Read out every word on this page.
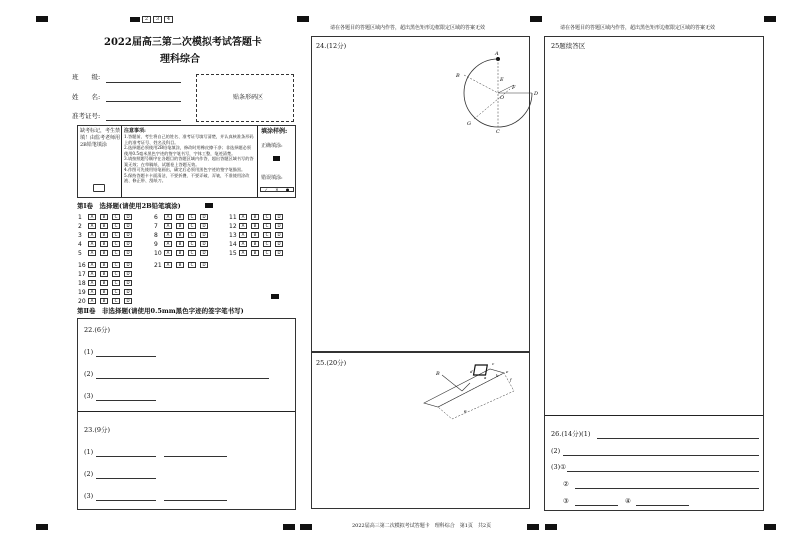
2	3	4
2022届高三第二次模拟考试答题卡
理科综合
班　　级:
姓　　名:
准考证号:
贴条形码区
缺考标记，考生禁填！由监考老师用2B铅笔填涂
注意事项:
1.答题前，考生将自己的姓名、准考证号填写清楚，并认真核准条形码上的准考证号、姓名及科目。
2.选择题必须使用2B铅笔填涂，修改时用橡皮擦干净；非选择题必须使用0.5毫米黑色字迹的签字笔书写，字体工整，笔迹清楚。
3.请按照题号顺序在各题目的答题区域内作答，超出答题区域书写的答案无效；在草稿纸、试题卷上答题无效。
4.作图可先使用铅笔画出，确定后必须用黑色字迹的签字笔描黑。
5.保持答题卡卡面清洁，不要折叠、不要弄破、弄皱，不准使用涂改液、修正带、刮纸刀。
填涂样例:
正确填涂:
错误填涂:
✓ ✕ ●
第Ⅰ卷　选择题(请使用2B铅笔填涂)
1	A	B	C	D
2	A	B	C	D
3	A	B	C	D
4	A	B	C	D
5	A	B	C	D
6	A	B	C	D
7	A	B	C	D
8	A	B	C	D
9	A	B	C	D
10	A	B	C	D
11	A	B	C	D
12	A	B	C	D
13	A	B	C	D
14	A	B	C	D
15	A	B	C	D
16	A	B	C	D
17	A	B	C	D
18	A	B	C	D
19	A	B	C	D
20	A	B	C	D
21	A	B	C	D
第Ⅱ卷　非选择题(请使用0.5mm黑色字迹的签字笔书写)
22.(6分)
(1)
(2)
(3)
23.(9分)
(1)
(2)
(3)
请在各题目的答题区域内作答，超出黑色矩形边框限定区域的答案无效
24.(12分)
A
B
E
F
O
D
G
C
25.(20分)
B
c
d
a b
e
f
θ
2022届高三第二次模拟考试答题卡　理科综合　第1页　共2页
请在各题目的答题区域内作答，超出黑色矩形边框限定区域的答案无效
25题续答区
26.(14分)(1)
(2)
(3)①
②
③	④
